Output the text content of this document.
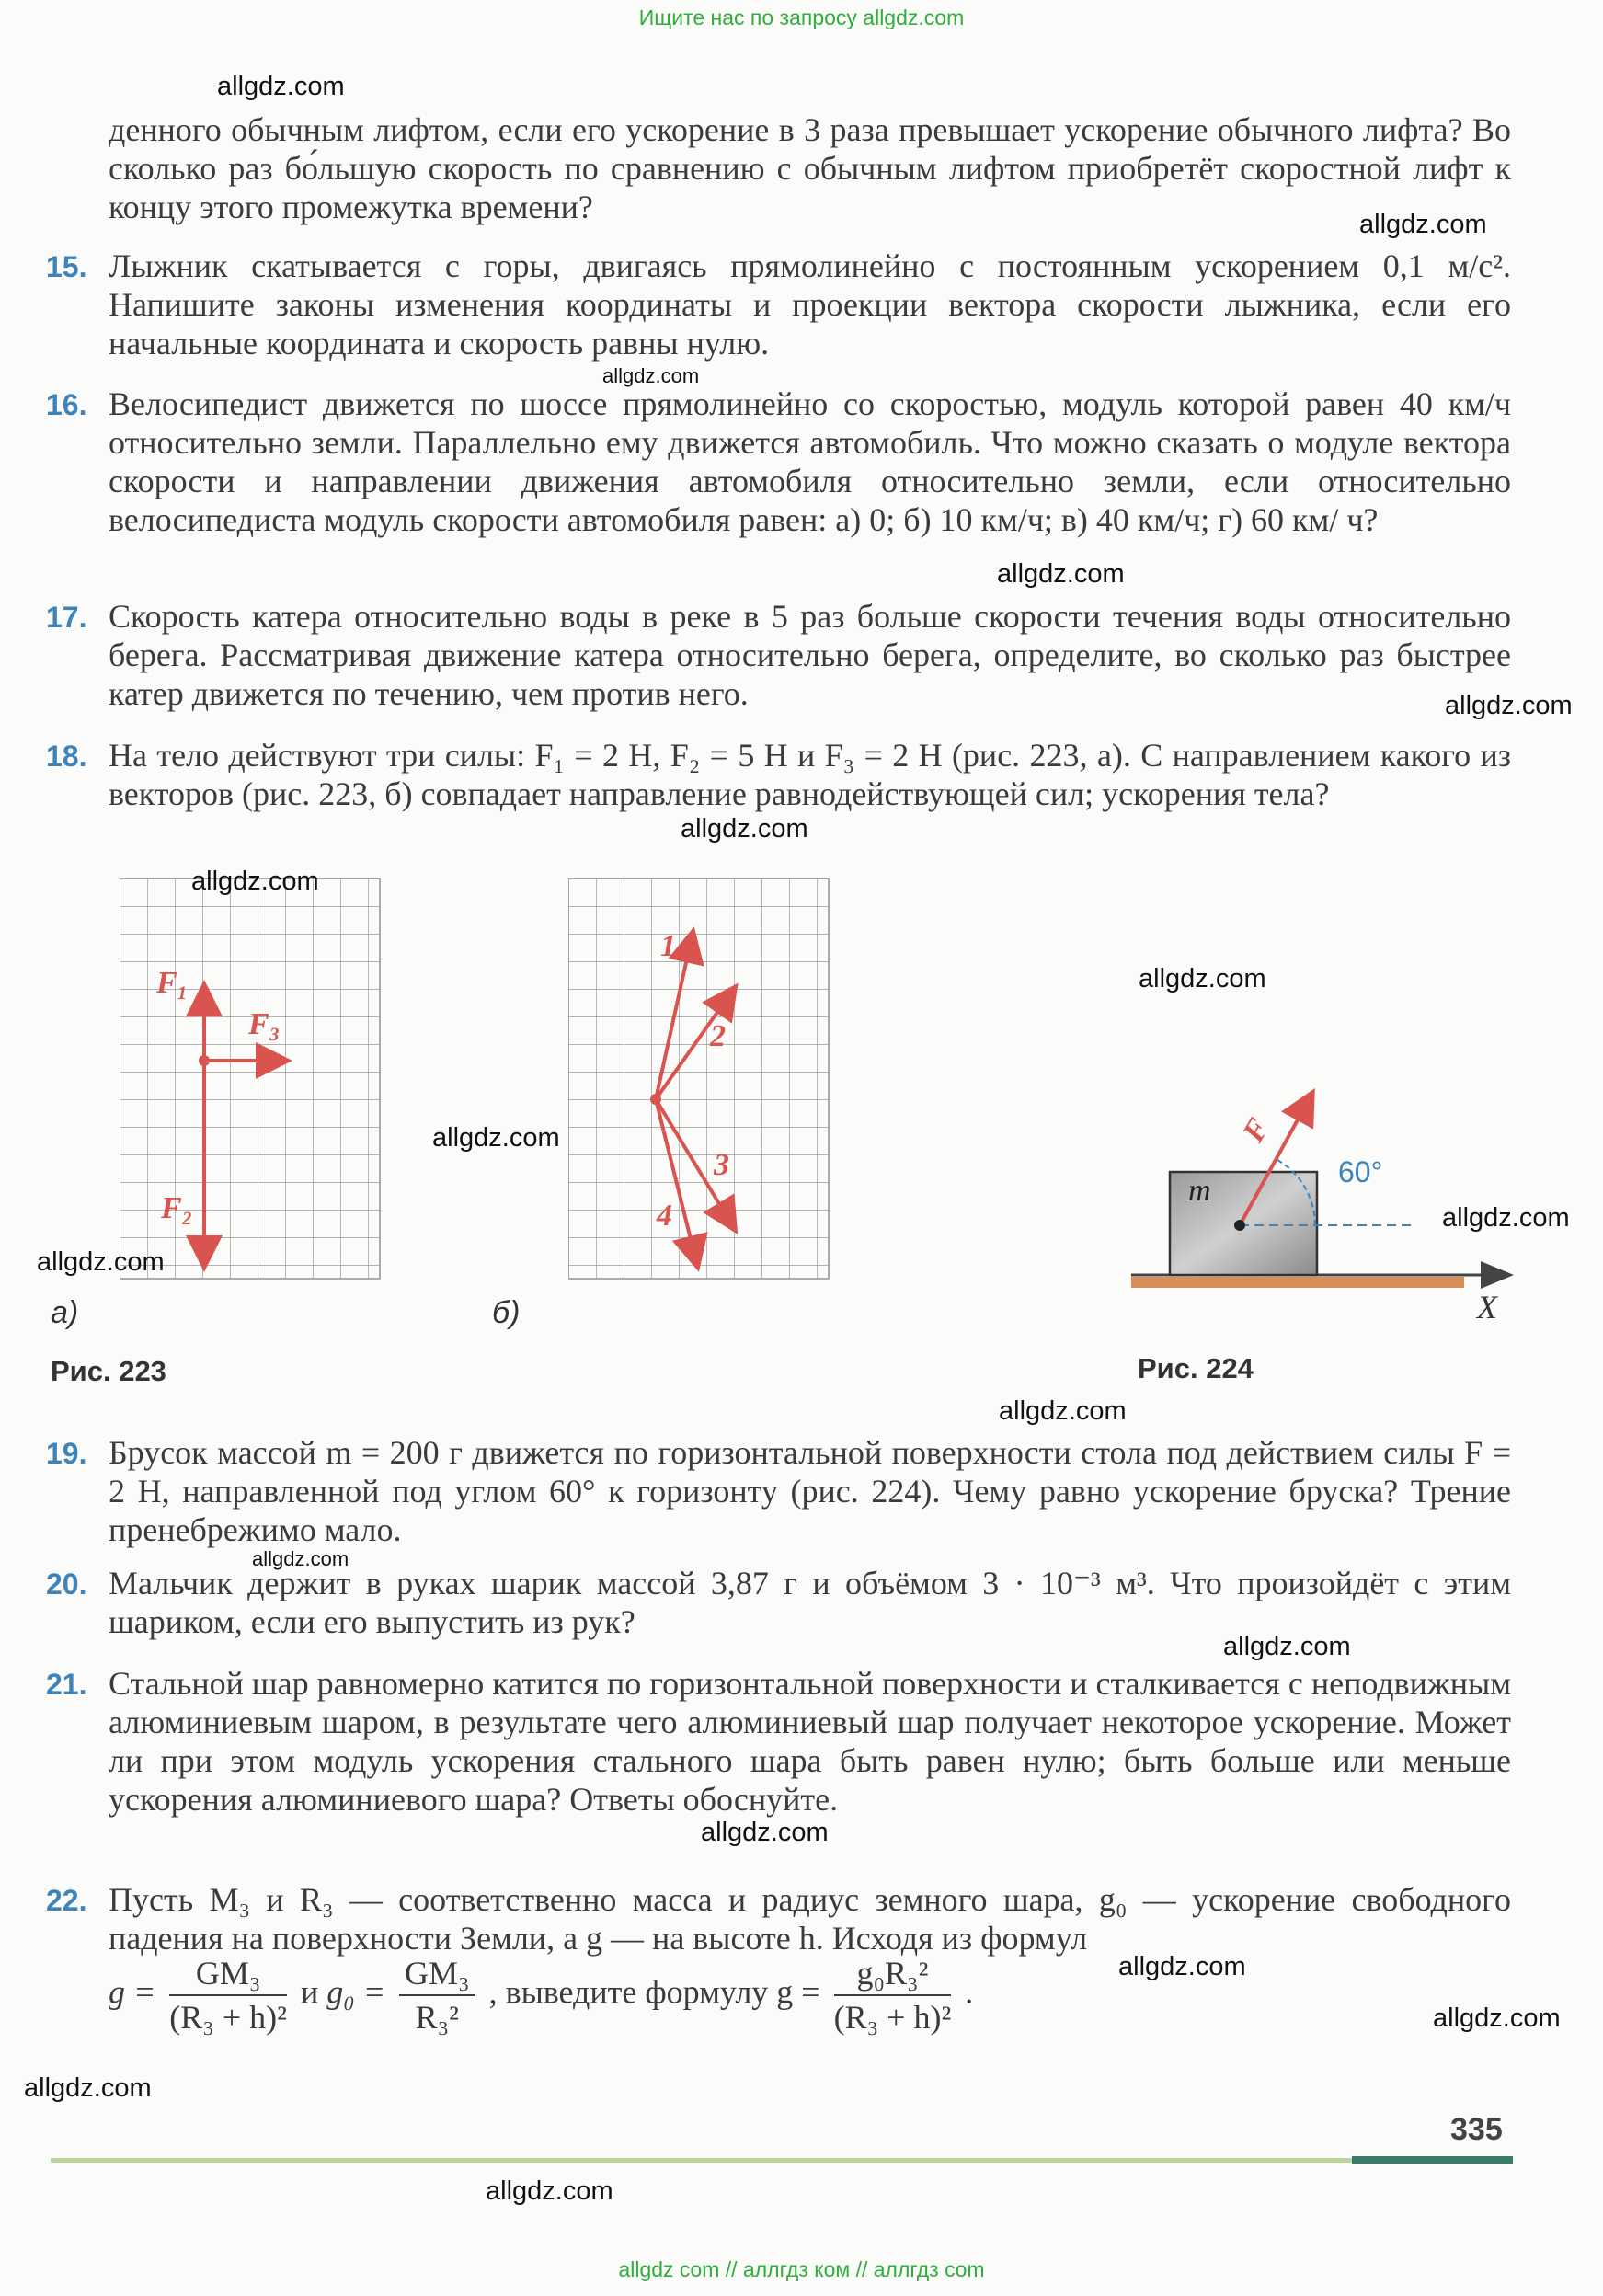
Ищите нас по запросу allgdz.com
allgdz com // аллгдз ком // аллгдз com
денного обычным лифтом, если его ускорение в 3 раза превышает ускорение обычного лифта? Во сколько раз бо́льшую скорость по сравнению с обычным лифтом приобретёт скоростной лифт к концу этого промежутка времени?
15. Лыжник скатывается с горы, двигаясь прямолинейно с постоянным ускорением 0,1 м/с². Напишите законы изменения координаты и проекции вектора скорости лыжника, если его начальные координата и скорость равны нулю.
16. Велосипедист движется по шоссе прямолинейно со скоростью, модуль которой равен 40 км/ч относительно земли. Параллельно ему движется автомобиль. Что можно сказать о модуле вектора скорости и направлении движения автомобиля относительно земли, если относительно велосипедиста модуль скорости автомобиля равен: а) 0; б) 10 км/ч; в) 40 км/ч; г) 60 км/ ч?
17. Скорость катера относительно воды в реке в 5 раз больше скорости течения воды относительно берега. Рассматривая движение катера относительно берега, определите, во сколько раз быстрее катер движется по течению, чем против него.
18. На тело действуют три силы: F₁ = 2 Н, F₂ = 5 Н и F₃ = 2 Н (рис. 223, а). С направлением какого из векторов (рис. 223, б) совпадает направление равнодействующей сил; ускорения тела?
F₁
F₃
F₂
а)
1
2
3
4
б)
Рис. 223
m
F
60°
X
Рис. 224
19. Брусок массой m = 200 г движется по горизонтальной поверхности стола под действием силы F = 2 Н, направленной под углом 60° к горизонту (рис. 224). Чему равно ускорение бруска? Трение пренебрежимо мало.
20. Мальчик держит в руках шарик массой 3,87 г и объёмом 3 · 10⁻³ м³. Что произойдёт с этим шариком, если его выпустить из рук?
21. Стальной шар равномерно катится по горизонтальной поверхности и сталкивается с неподвижным алюминиевым шаром, в результате чего алюминиевый шар получает некоторое ускорение. Может ли при этом модуль ускорения стального шара быть равен нулю; быть больше или меньше ускорения алюминиевого шара? Ответы обоснуйте.
22. Пусть M₃ и R₃ — соответственно масса и радиус земного шара, g₀ — ускорение свободного падения на поверхности Земли, а g — на высоте h. Исходя из формул
$g = \frac{\text{GM₃}}{\text{(R₃ + h)²}}$ и $g_0 = \frac{\text{GM₃}}{\text{R₃²}}$ , выведите формулу $g = \frac{\text{g₀R₃²}}{\text{(R₃ + h)²}}$ .
335
allgdz.com
allgdz.com
allgdz.com
allgdz.com
allgdz.com
allgdz.com
allgdz.com
allgdz.com
allgdz.com
allgdz.com
allgdz.com
allgdz.com
allgdz.com
allgdz.com
allgdz.com
allgdz.com
allgdz.com
allgdz.com
allgdz.com
